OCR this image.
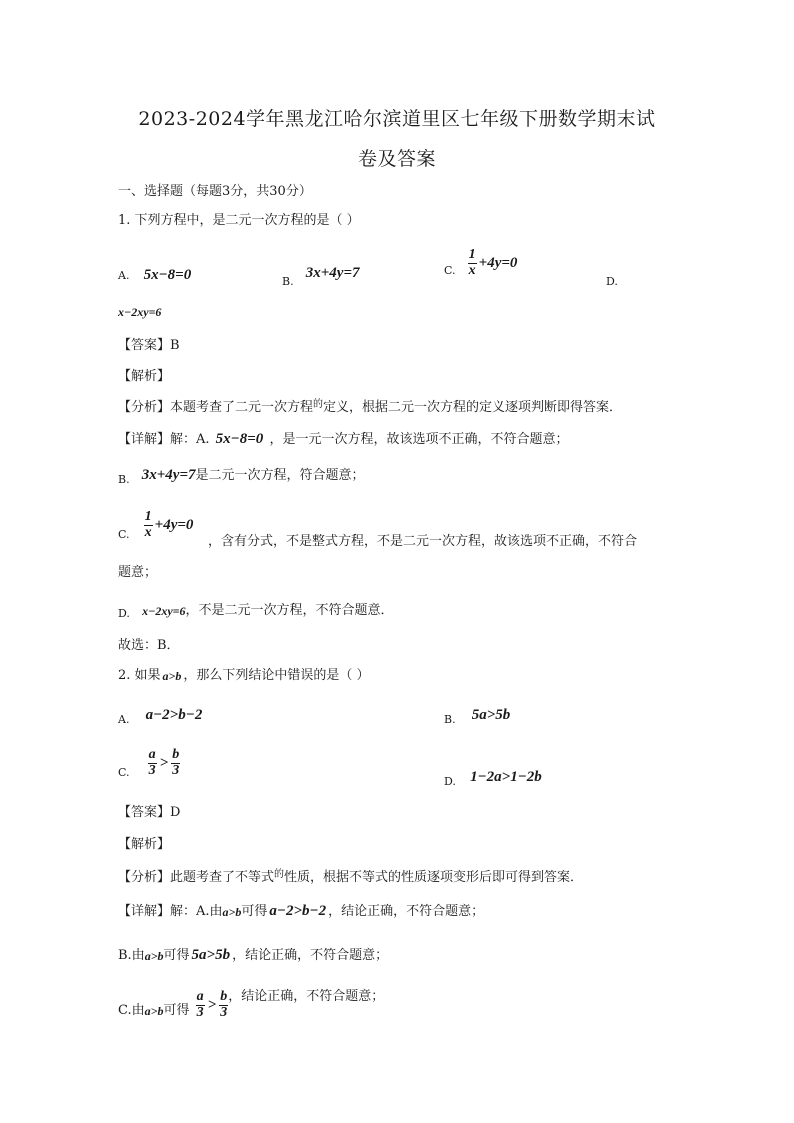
2023-2024学年黑龙江哈尔滨道里区七年级下册数学期末试
卷及答案
一、选择题（每题3分，共30分）
1. 下列方程中，是二元一次方程的是（ ）
A. 5x−8=0	$_{B.}$ 3x+4y=7	$_{C.} \frac{1}{x} +4y=0$
D.
x−2xy=6
【答案】B
【解析】
【分析】本题考查了二元一次方程$^的$定义，根据二元一次方程的定义逐项判断即得答案．
【详解】解：A. 5x−8=0 ，是一元一次方程，故该选项不正确，不符合题意；
$_{B.}$ 3x+4y=7是二元一次方程，符合题意；
$_{C.} \frac{1}{x} +4y=0$
，含有分式，不是整式方程，不是二元一次方程，故该选项不正确，不符合
题意；
$_{D.}$ x−2xy=6，不是二元一次方程，不符合题意．
故选：B．
2. 如果 a>b ，那么下列结论中错误的是（ ）
$_{A.}$ a−2>b−2	$_{B.}$ 5a>5b
$_{C.} \frac{a}{3} > \frac{b}{3}$
$_{D.}$ 1−2a>1−2b
【答案】D
【解析】
【分析】此题考查了不等式$^的$性质，根据不等式的性质逐项变形后即可得到答案．
【详解】解：A.由a>b可得 a−2>b−2 ，结论正确，不符合题意；
B.由a>b可得 5a>5b ，结论正确，不符合题意；
C.由a>b可得 $\frac{a}{3} > \frac{b}{3}$ ，结论正确，不符合题意；
